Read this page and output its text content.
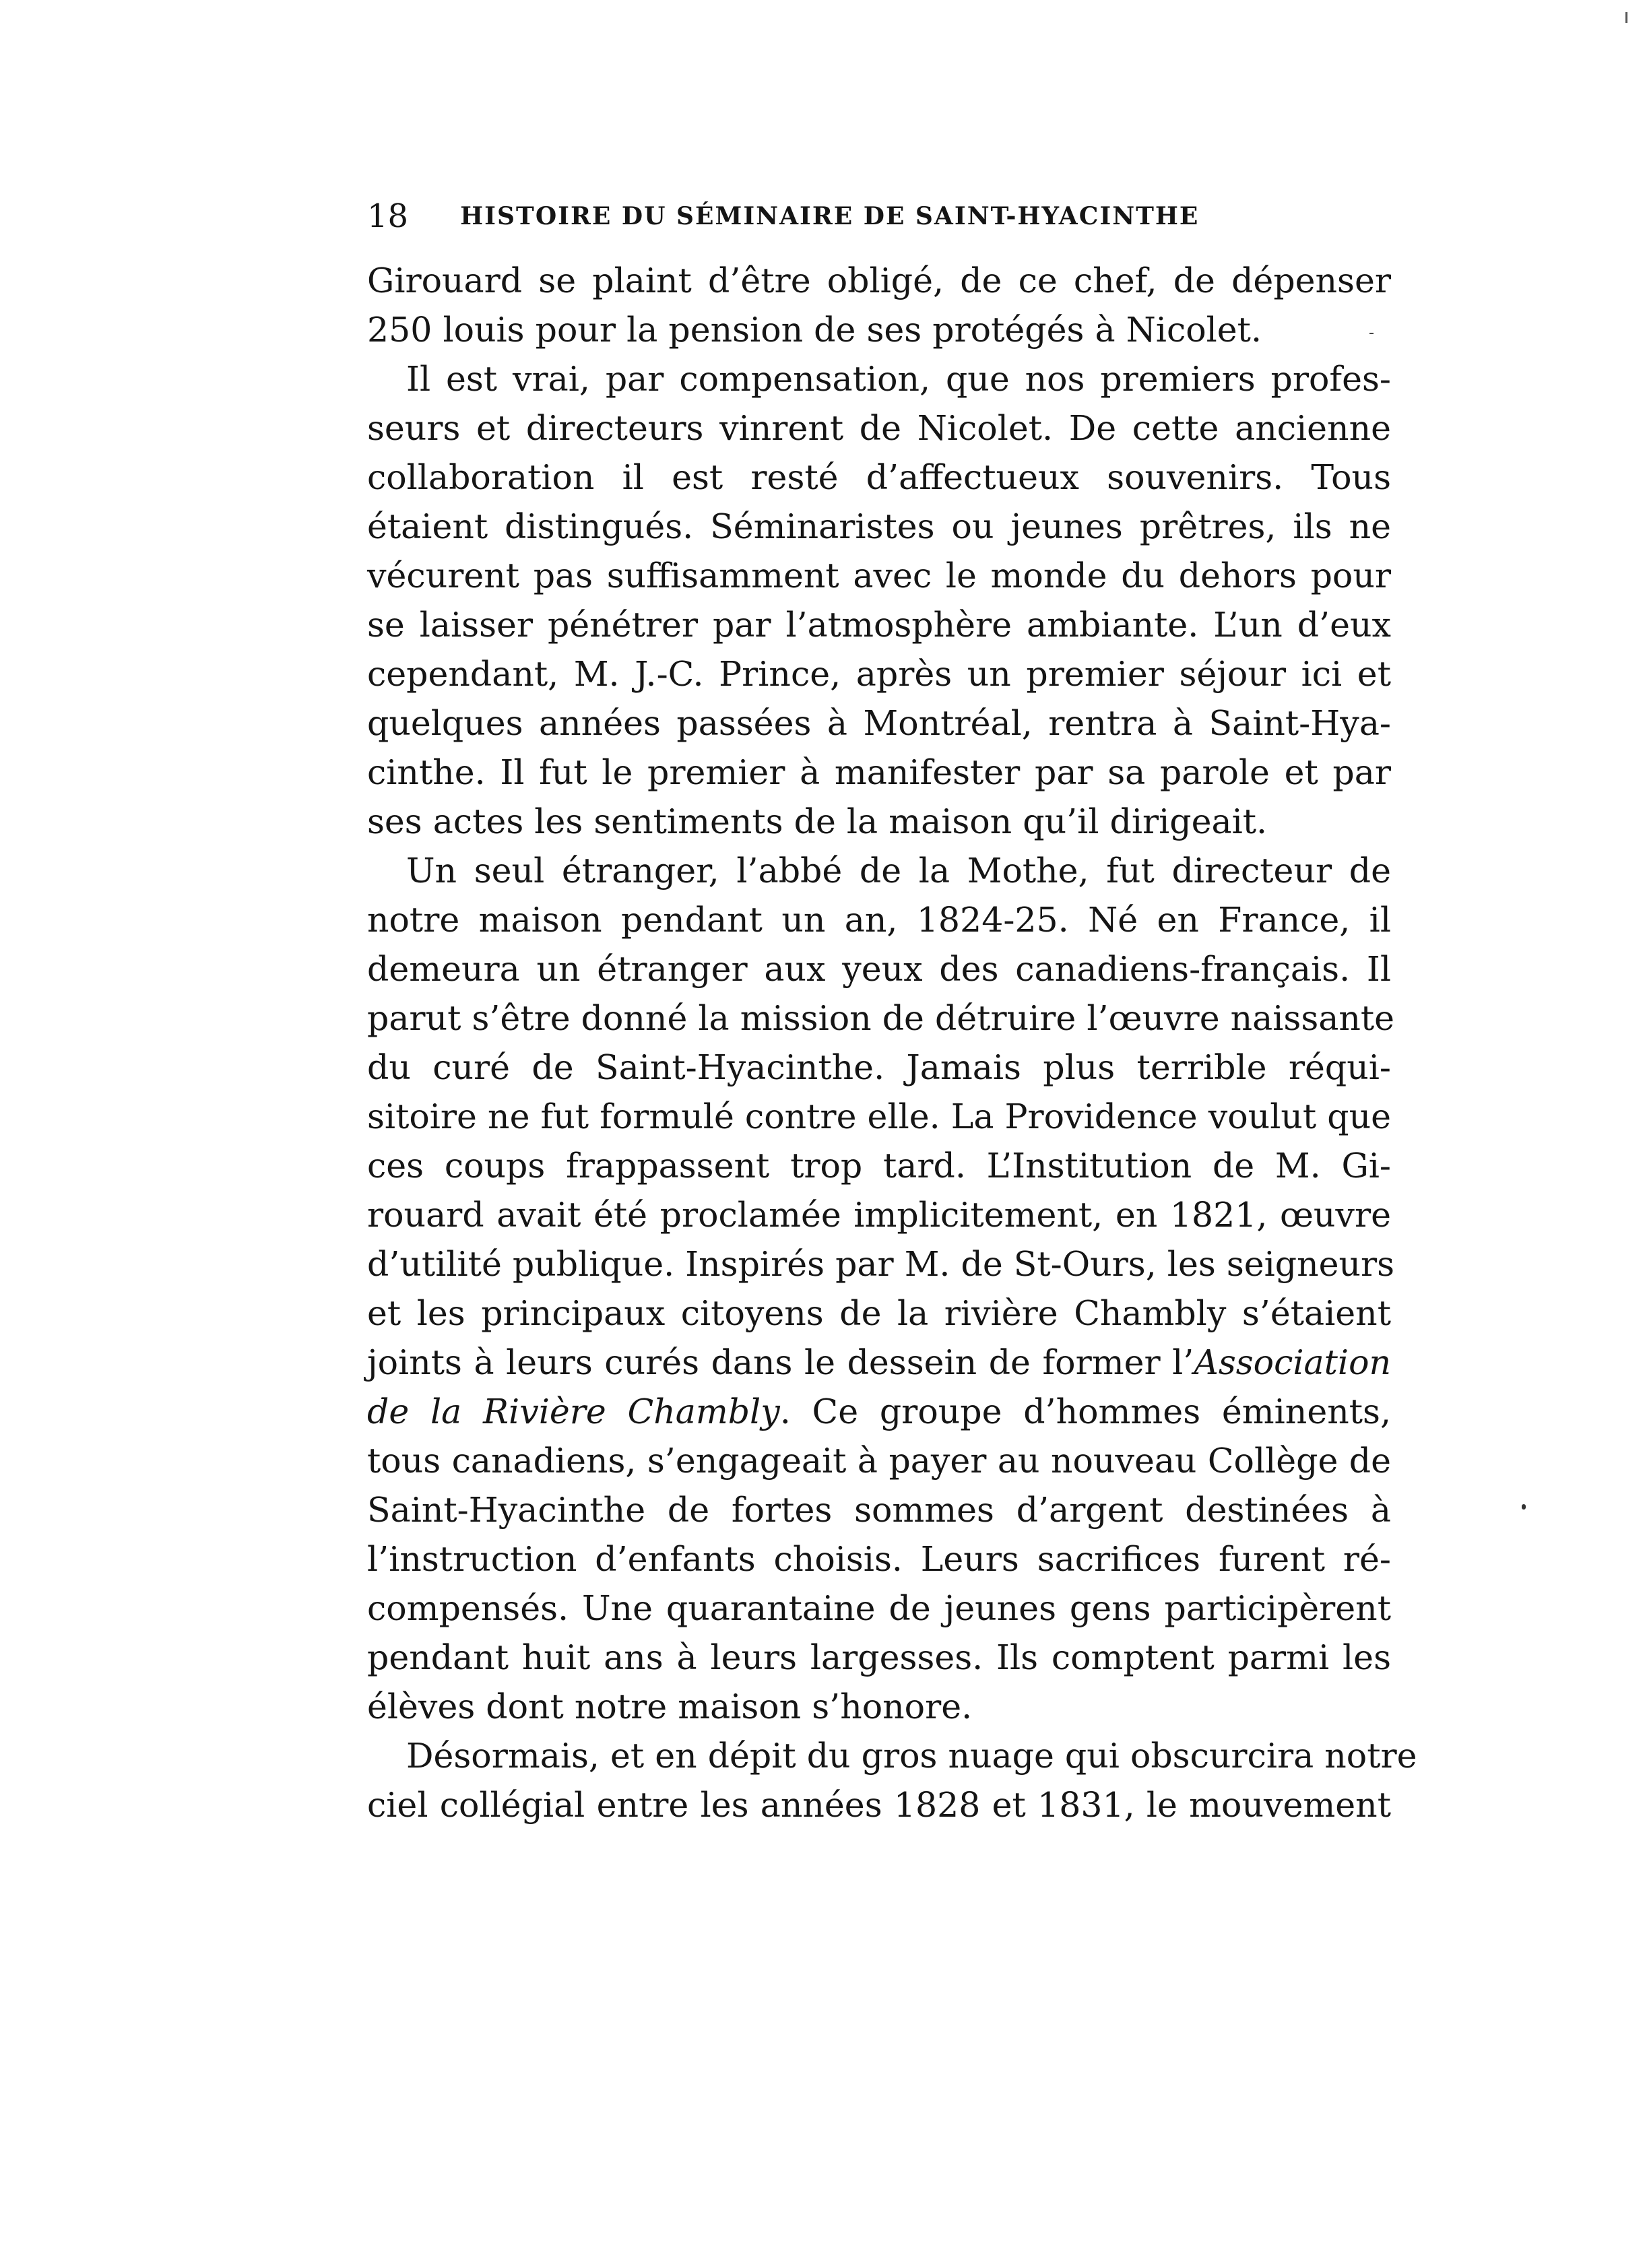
18 HISTOIRE DU SÉMINAIRE DE SAINT-HYACINTHE

Girouard se plaint d’être obligé, de ce chef, de dépenser
250 louis pour la pension de ses protégés à Nicolet.

Il est vrai, par compensation, que nos premiers profes-
seurs et directeurs vinrent de Nicolet. De cette ancienne
collaboration il est resté d’affectueux souvenirs. Tous
étaient distingués. Séminaristes ou jeunes prêtres, ils ne
vécurent pas suffisamment avec le monde du dehors pour
se laisser pénétrer par l’atmosphère ambiante. L’un d’eux
cependant, M. J.-C. Prince, après un premier séjour ici et
quelques années passées à Montréal, rentra à Saint-Hya-
cinthe. Il fut le premier à manifester par sa parole et par
ses actes les sentiments de la maison qu’il dirigeait.

Un seul étranger, l’abbé de la Mothe, fut directeur de
notre maison pendant un an, 1824-25. Né en France, il
demeura un étranger aux yeux des canadiens-français. Il
parut s’être donné la mission de détruire l’œuvre naissante
du curé de Saint-Hyacinthe. Jamais plus terrible réqui-
sitoire ne fut formulé contre elle. La Providence voulut que
ces coups frappassent trop tard. L’Institution de M. Gi-
rouard avait été proclamée implicitement, en 1821, œuvre
d’utilité publique. Inspirés par M. de St-Ours, les seigneurs
et les principaux citoyens de la rivière Chambly s’étaient
joints à leurs curés dans le dessein de former l’Association
de la Rivière Chambly. Ce groupe d’hommes éminents,
tous canadiens, s’engageait à payer au nouveau Collège de
Saint-Hyacinthe de fortes sommes d’argent destinées à
l’instruction d’enfants choisis. Leurs sacrifices furent ré-
compensés. Une quarantaine de jeunes gens participèrent
pendant huit ans à leurs largesses. Ils comptent parmi les
élèves dont notre maison s’honore.

Désormais, et en dépit du gros nuage qui obscurcira notre
ciel collégial entre les années 1828 et 1831, le mouvement
